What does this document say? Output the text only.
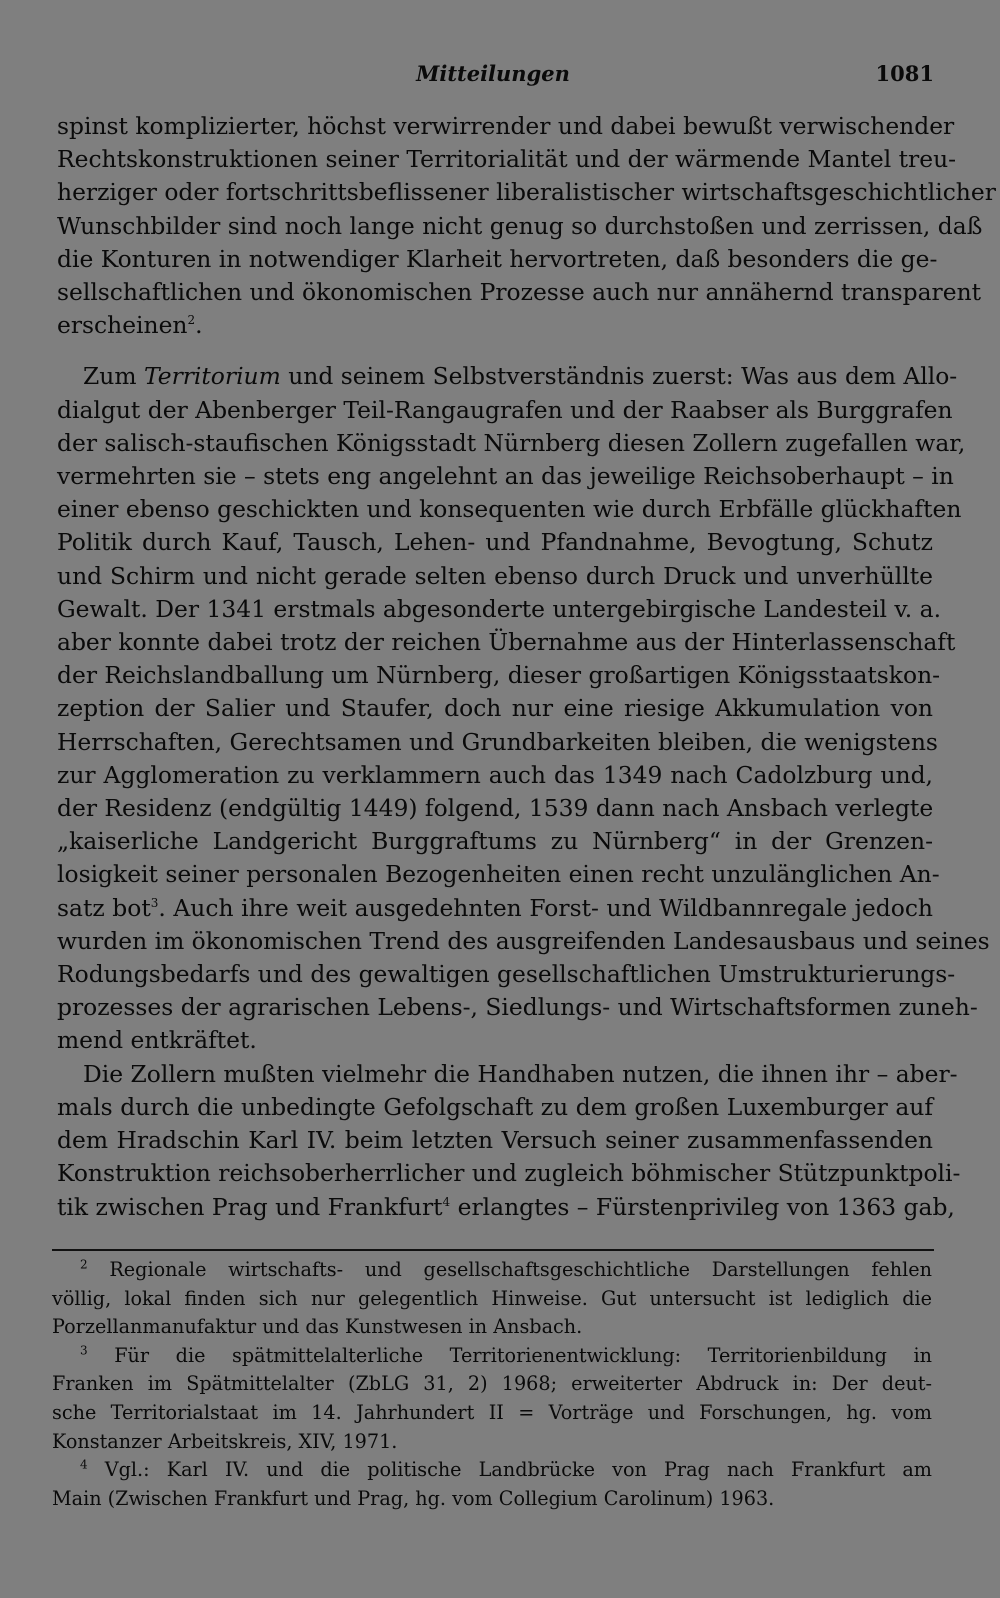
Mitteilungen	1081

spinst komplizierter, höchst verwirrender und dabei bewußt verwischender
Rechtskonstruktionen seiner Territorialität und der wärmende Mantel treu-
herziger oder fortschrittsbeflissener liberalistischer wirtschaftsgeschichtlicher
Wunschbilder sind noch lange nicht genug so durchstoßen und zerrissen, daß
die Konturen in notwendiger Klarheit hervortreten, daß besonders die ge-
sellschaftlichen und ökonomischen Prozesse auch nur annähernd transparent
erscheinen$^2$.

Zum Territorium und seinem Selbstverständnis zuerst: Was aus dem Allo-
dialgut der Abenberger Teil-Rangaugrafen und der Raabser als Burggrafen
der salisch-staufischen Königsstadt Nürnberg diesen Zollern zugefallen war,
vermehrten sie – stets eng angelehnt an das jeweilige Reichsoberhaupt – in
einer ebenso geschickten und konsequenten wie durch Erbfälle glückhaften
Politik durch Kauf, Tausch, Lehen- und Pfandnahme, Bevogtung, Schutz
und Schirm und nicht gerade selten ebenso durch Druck und unverhüllte
Gewalt. Der 1341 erstmals abgesonderte untergebirgische Landesteil v. a.
aber konnte dabei trotz der reichen Übernahme aus der Hinterlassenschaft
der Reichslandballung um Nürnberg, dieser großartigen Königsstaatskon-
zeption der Salier und Staufer, doch nur eine riesige Akkumulation von
Herrschaften, Gerechtsamen und Grundbarkeiten bleiben, die wenigstens
zur Agglomeration zu verklammern auch das 1349 nach Cadolzburg und,
der Residenz (endgültig 1449) folgend, 1539 dann nach Ansbach verlegte
„kaiserliche Landgericht Burggraftums zu Nürnberg“ in der Grenzen-
losigkeit seiner personalen Bezogenheiten einen recht unzulänglichen An-
satz bot$^3$. Auch ihre weit ausgedehnten Forst- und Wildbannregale jedoch
wurden im ökonomischen Trend des ausgreifenden Landesausbaus und seines
Rodungsbedarfs und des gewaltigen gesellschaftlichen Umstrukturierungs-
prozesses der agrarischen Lebens-, Siedlungs- und Wirtschaftsformen zuneh-
mend entkräftet.

Die Zollern mußten vielmehr die Handhaben nutzen, die ihnen ihr – aber-
mals durch die unbedingte Gefolgschaft zu dem großen Luxemburger auf
dem Hradschin Karl IV. beim letzten Versuch seiner zusammenfassenden
Konstruktion reichsoberherrlicher und zugleich böhmischer Stützpunktpoli-
tik zwischen Prag und Frankfurt$^4$ erlangtes – Fürstenprivileg von 1363 gab,

$^2$ Regionale wirtschafts- und gesellschaftsgeschichtliche Darstellungen fehlen
völlig, lokal finden sich nur gelegentlich Hinweise. Gut untersucht ist lediglich die
Porzellanmanufaktur und das Kunstwesen in Ansbach.

$^3$ Für die spätmittelalterliche Territorienentwicklung: Territorienbildung in
Franken im Spätmittelalter (ZbLG 31, 2) 1968; erweiterter Abdruck in: Der deut-
sche Territorialstaat im 14. Jahrhundert II = Vorträge und Forschungen, hg. vom
Konstanzer Arbeitskreis, XIV, 1971.

$^4$ Vgl.: Karl IV. und die politische Landbrücke von Prag nach Frankfurt am
Main (Zwischen Frankfurt und Prag, hg. vom Collegium Carolinum) 1963.
